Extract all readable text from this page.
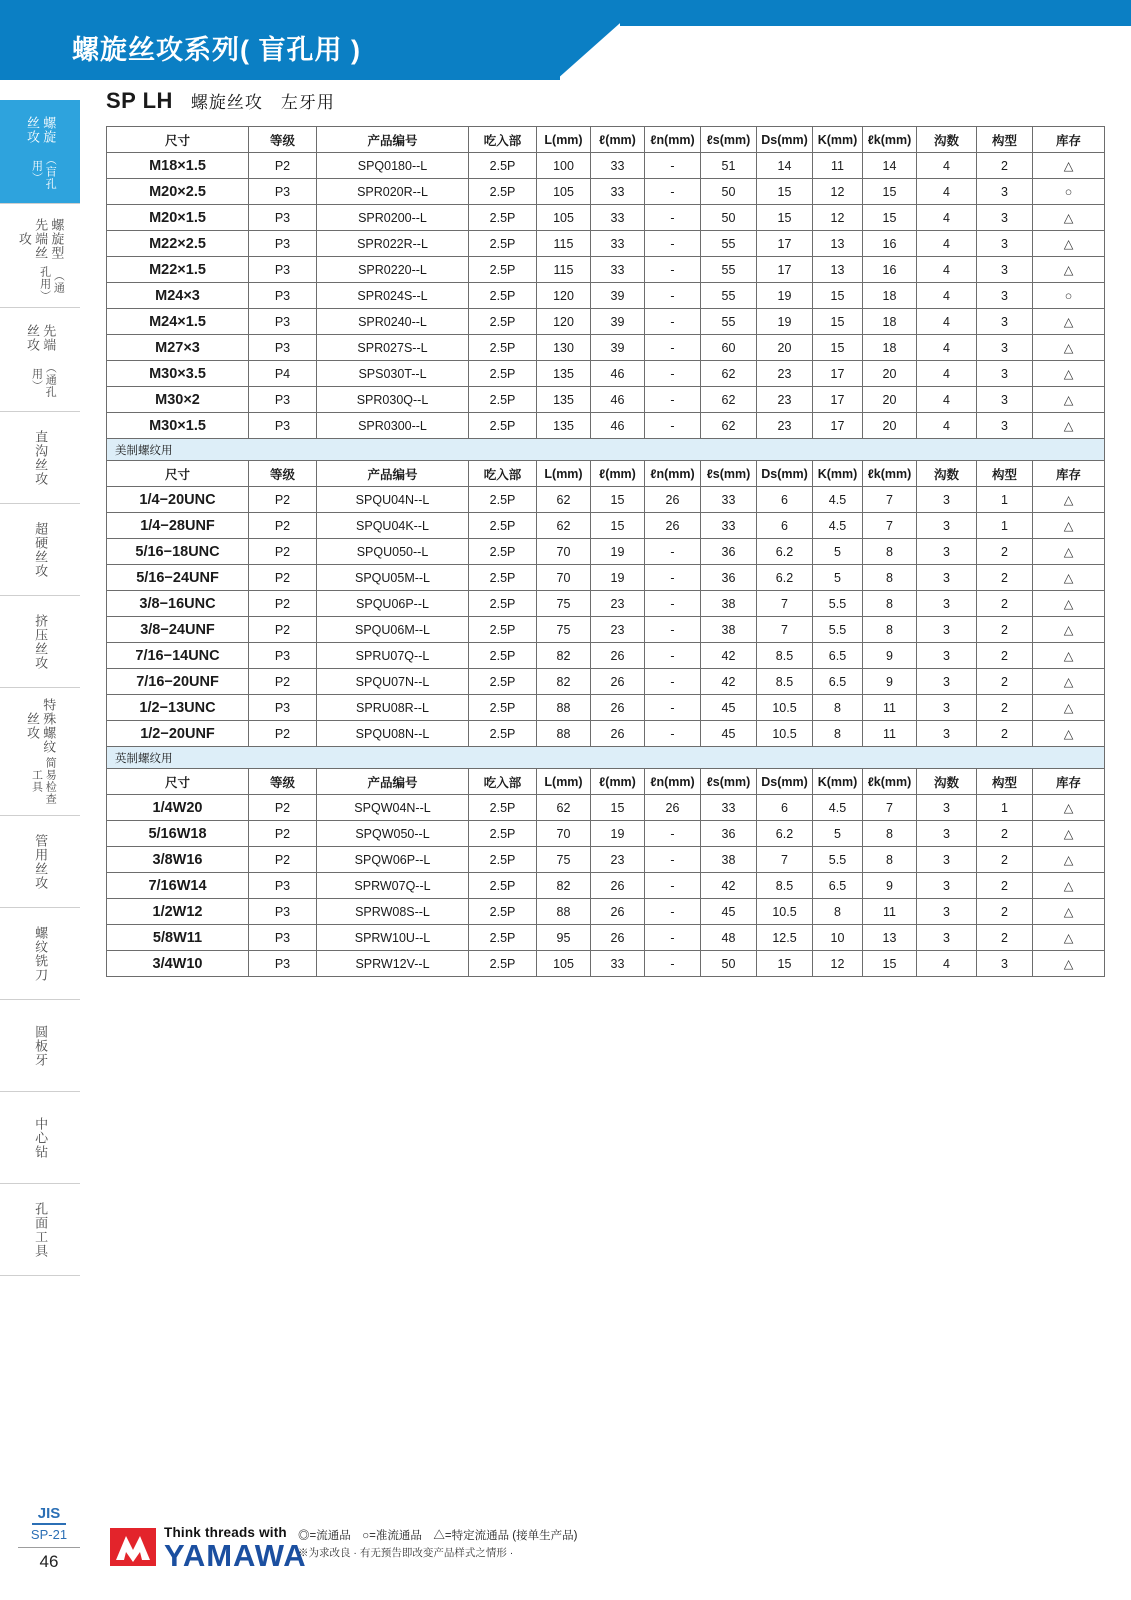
螺旋丝攻系列( 盲孔用 )
螺旋丝攻
（盲孔用）
螺旋型先端丝攻
（通孔用）
先端丝攻
（通孔用）
直沟丝攻
超硬丝攻
挤压丝攻
特殊螺纹丝攻
简易检查工具
管用丝攻
螺纹铣刀
圆板牙
中心钻
孔面工具
SP LH 螺旋丝攻 左牙用
尺寸	等级	产品编号	吃入部	L(mm)	ℓ(mm)	ℓn(mm)	ℓs(mm)	Ds(mm)	K(mm)	ℓk(mm)	沟数	构型	库存
M18×1.5	P2	SPQ0180--L	2.5P	100	33	-	51	14	11	14	4	2	△
M20×2.5	P3	SPR020R--L	2.5P	105	33	-	50	15	12	15	4	3	○
M20×1.5	P3	SPR0200--L	2.5P	105	33	-	50	15	12	15	4	3	△
M22×2.5	P3	SPR022R--L	2.5P	115	33	-	55	17	13	16	4	3	△
M22×1.5	P3	SPR0220--L	2.5P	115	33	-	55	17	13	16	4	3	△
M24×3	P3	SPR024S--L	2.5P	120	39	-	55	19	15	18	4	3	○
M24×1.5	P3	SPR0240--L	2.5P	120	39	-	55	19	15	18	4	3	△
M27×3	P3	SPR027S--L	2.5P	130	39	-	60	20	15	18	4	3	△
M30×3.5	P4	SPS030T--L	2.5P	135	46	-	62	23	17	20	4	3	△
M30×2	P3	SPR030Q--L	2.5P	135	46	-	62	23	17	20	4	3	△
M30×1.5	P3	SPR0300--L	2.5P	135	46	-	62	23	17	20	4	3	△
美制螺纹用													
尺寸	等级	产品编号	吃入部	L(mm)	ℓ(mm)	ℓn(mm)	ℓs(mm)	Ds(mm)	K(mm)	ℓk(mm)	沟数	构型	库存
1/4−20UNC	P2	SPQU04N--L	2.5P	62	15	26	33	6	4.5	7	3	1	△
1/4−28UNF	P2	SPQU04K--L	2.5P	62	15	26	33	6	4.5	7	3	1	△
5/16−18UNC	P2	SPQU050--L	2.5P	70	19	-	36	6.2	5	8	3	2	△
5/16−24UNF	P2	SPQU05M--L	2.5P	70	19	-	36	6.2	5	8	3	2	△
3/8−16UNC	P2	SPQU06P--L	2.5P	75	23	-	38	7	5.5	8	3	2	△
3/8−24UNF	P2	SPQU06M--L	2.5P	75	23	-	38	7	5.5	8	3	2	△
7/16−14UNC	P3	SPRU07Q--L	2.5P	82	26	-	42	8.5	6.5	9	3	2	△
7/16−20UNF	P2	SPQU07N--L	2.5P	82	26	-	42	8.5	6.5	9	3	2	△
1/2−13UNC	P3	SPRU08R--L	2.5P	88	26	-	45	10.5	8	11	3	2	△
1/2−20UNF	P2	SPQU08N--L	2.5P	88	26	-	45	10.5	8	11	3	2	△
英制螺纹用													
尺寸	等级	产品编号	吃入部	L(mm)	ℓ(mm)	ℓn(mm)	ℓs(mm)	Ds(mm)	K(mm)	ℓk(mm)	沟数	构型	库存
1/4W20	P2	SPQW04N--L	2.5P	62	15	26	33	6	4.5	7	3	1	△
5/16W18	P2	SPQW050--L	2.5P	70	19	-	36	6.2	5	8	3	2	△
3/8W16	P2	SPQW06P--L	2.5P	75	23	-	38	7	5.5	8	3	2	△
7/16W14	P3	SPRW07Q--L	2.5P	82	26	-	42	8.5	6.5	9	3	2	△
1/2W12	P3	SPRW08S--L	2.5P	88	26	-	45	10.5	8	11	3	2	△
5/8W11	P3	SPRW10U--L	2.5P	95	26	-	48	12.5	10	13	3	2	△
3/4W10	P3	SPRW12V--L	2.5P	105	33	-	50	15	12	15	4	3	△
JIS
SP-21
46
Think threads with
YAMAWA
◎=流通品　○=准流通品　△=特定流通品 (接单生产品)
※为求改良 · 有无预告即改变产品样式之情形 ·
